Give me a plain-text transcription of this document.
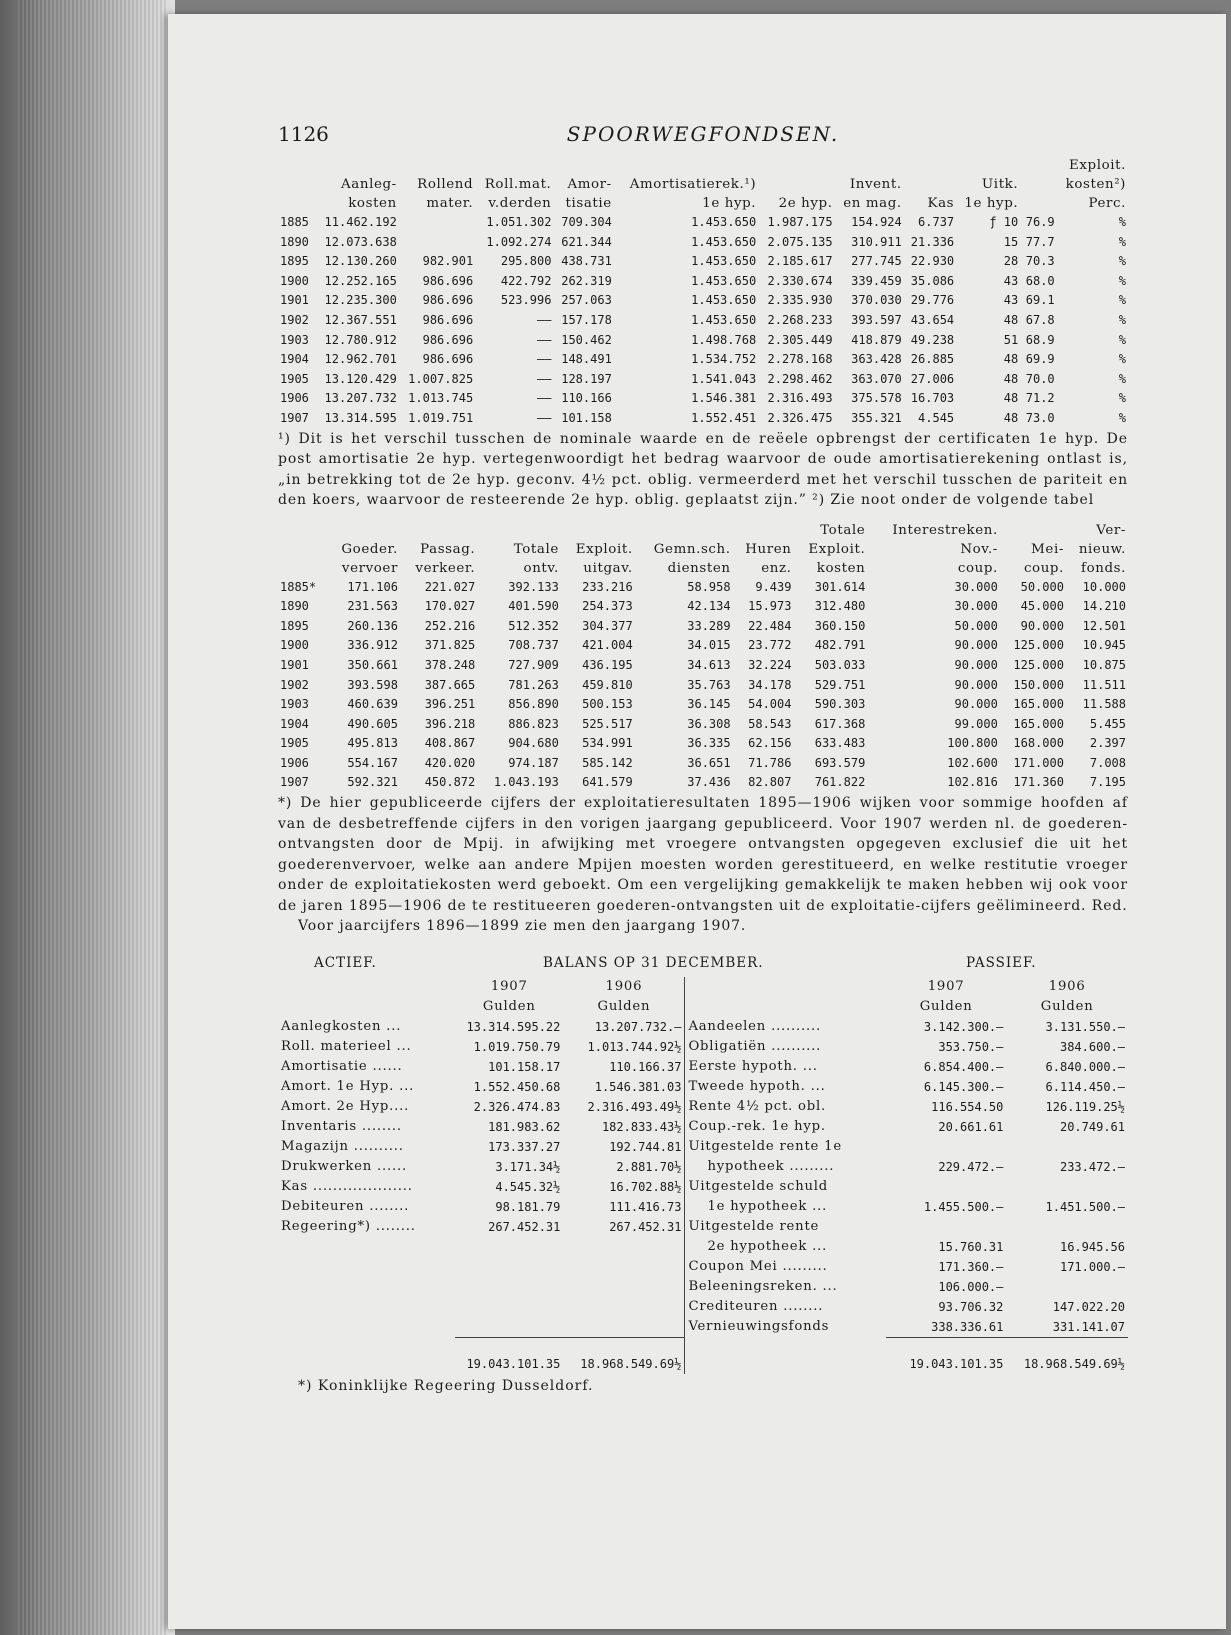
1126	SPOORWEGFONDSEN.
											Exploit.
	Aanleg-	Rollend	Roll.mat.	Amor-	Amortisatierek.¹)		Invent.		Uitk.		kosten²)
	kosten	mater.	v.derden	tisatie	1e hyp.	2e hyp.	en mag.	Kas	1e hyp.		Perc.
1885	11.462.192		1.051.302	709.304	1.453.650	1.987.175	154.924	6.737	ƒ 10	76.9	%
1890	12.073.638		1.092.274	621.344	1.453.650	2.075.135	310.911	21.336	15	77.7	%
1895	12.130.260	982.901	295.800	438.731	1.453.650	2.185.617	277.745	22.930	28	70.3	%
1900	12.252.165	986.696	422.792	262.319	1.453.650	2.330.674	339.459	35.086	43	68.0	%
1901	12.235.300	986.696	523.996	257.063	1.453.650	2.335.930	370.030	29.776	43	69.1	%
1902	12.367.551	986.696	——	157.178	1.453.650	2.268.233	393.597	43.654	48	67.8	%
1903	12.780.912	986.696	——	150.462	1.498.768	2.305.449	418.879	49.238	51	68.9	%
1904	12.962.701	986.696	——	148.491	1.534.752	2.278.168	363.428	26.885	48	69.9	%
1905	13.120.429	1.007.825	——	128.197	1.541.043	2.298.462	363.070	27.006	48	70.0	%
1906	13.207.732	1.013.745	——	110.166	1.546.381	2.316.493	375.578	16.703	48	71.2	%
1907	13.314.595	1.019.751	——	101.158	1.552.451	2.326.475	355.321	4.545	48	73.0	%

¹) Dit is het verschil tusschen de nominale waarde en de reëele opbrengst der certificaten 1e hyp. De post amortisatie 2e hyp. vertegenwoordigt het bedrag waarvoor de oude amortisatierekening ontlast is, „in betrekking tot de 2e hyp. geconv. 4½ pct. oblig. vermeerderd met het verschil tusschen de pariteit en den koers, waarvoor de resteerende 2e hyp. oblig. geplaatst zijn.” ²) Zie noot onder de volgende tabel

							Totale	Interestreken.		Ver-
	Goeder.	Passag.	Totale	Exploit.	Gemn.sch.	Huren	Exploit.	Nov.-	Mei-	nieuw.
	vervoer	verkeer.	ontv.	uitgav.	diensten	enz.	kosten	coup.	coup.	fonds.
1885*	171.106	221.027	392.133	233.216	58.958	9.439	301.614	30.000	50.000	10.000
1890	231.563	170.027	401.590	254.373	42.134	15.973	312.480	30.000	45.000	14.210
1895	260.136	252.216	512.352	304.377	33.289	22.484	360.150	50.000	90.000	12.501
1900	336.912	371.825	708.737	421.004	34.015	23.772	482.791	90.000	125.000	10.945
1901	350.661	378.248	727.909	436.195	34.613	32.224	503.033	90.000	125.000	10.875
1902	393.598	387.665	781.263	459.810	35.763	34.178	529.751	90.000	150.000	11.511
1903	460.639	396.251	856.890	500.153	36.145	54.004	590.303	90.000	165.000	11.588
1904	490.605	396.218	886.823	525.517	36.308	58.543	617.368	99.000	165.000	5.455
1905	495.813	408.867	904.680	534.991	36.335	62.156	633.483	100.800	168.000	2.397
1906	554.167	420.020	974.187	585.142	36.651	71.786	693.579	102.600	171.000	7.008
1907	592.321	450.872	1.043.193	641.579	37.436	82.807	761.822	102.816	171.360	7.195

*) De hier gepubliceerde cijfers der exploitatieresultaten 1895—1906 wijken voor sommige hoofden af van de desbetreffende cijfers in den vorigen jaargang gepubliceerd. Voor 1907 werden nl. de goederen-ontvangsten door de Mpij. in afwijking met vroegere ontvangsten opgegeven exclusief die uit het goederenvervoer, welke aan andere Mpijen moesten worden gerestitueerd, en welke restitutie vroeger onder de exploitatiekosten werd geboekt. Om een vergelijking gemakkelijk te maken hebben wij ook voor de jaren 1895—1906 de te restitueeren goederen-ontvangsten uit de exploitatie-cijfers geëlimineerd. Red.

Voor jaarcijfers 1896—1899 zie men den jaargang 1907.

ACTIEF.	BALANS OP 31 DECEMBER.	PASSIEF.
	1907	1906		1907	1906
	Gulden	Gulden		Gulden	Gulden
Aanlegkosten ...	13.314.595.22	13.207.732.—	Aandeelen ..........	3.142.300.—	3.131.550.—
Roll. materieel ...	1.019.750.79	1.013.744.92½	Obligatiën ..........	353.750.—	384.600.—
Amortisatie ......	101.158.17	110.166.37	Eerste hypoth. ...	6.854.400.—	6.840.000.—
Amort. 1e Hyp. ...	1.552.450.68	1.546.381.03	Tweede hypoth. ...	6.145.300.—	6.114.450.—
Amort. 2e Hyp....	2.326.474.83	2.316.493.49½	Rente 4½ pct. obl.	116.554.50	126.119.25½
Inventaris ........	181.983.62	182.833.43½	Coup.-rek. 1e hyp.	20.661.61	20.749.61
Magazijn ..........	173.337.27	192.744.81	Uitgestelde rente 1e		
Drukwerken ......	3.171.34½	2.881.70½	hypotheek .........	229.472.—	233.472.—
Kas ....................	4.545.32½	16.702.88½	Uitgestelde schuld		
Debiteuren ........	98.181.79	111.416.73	1e hypotheek ...	1.455.500.—	1.451.500.—
Regeering*) ........	267.452.31	267.452.31	Uitgestelde rente		
			2e hypotheek ...	15.760.31	16.945.56
			Coupon Mei .........	171.360.—	171.000.—
			Beleeningsreken. ...	106.000.—	
			Crediteuren ........	93.706.32	147.022.20
			Vernieuwingsfonds	338.336.61	331.141.07

	19.043.101.35	18.968.549.69½		19.043.101.35	18.968.549.69½
*) Koninklijke Regeering Dusseldorf.
